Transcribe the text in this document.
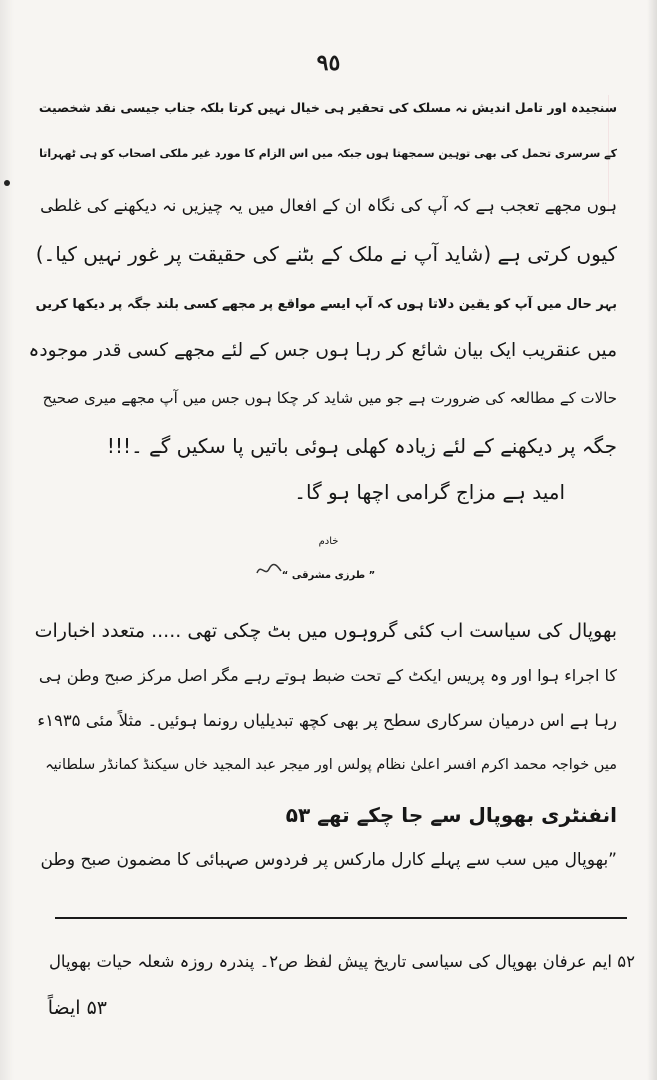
٩٥
سنجیدہ اور تامل اندیش نہ مسلک کی تحقیر ہی خیال نہیں کرتا بلکہ جناب جیسی نقد شخصیت
کے سرسری تحمل کی بھی توہین سمجھتا ہوں جبکہ میں اس الزام کا مورد غیر ملکی اصحاب کو ہی ٹھہراتا
ہوں مجھے تعجب ہے کہ آپ کی نگاہ ان کے افعال میں یہ چیزیں نہ دیکھنے کی غلطی
کیوں کرتی ہے (شاید آپ نے ملک کے بٹنے کی حقیقت پر غور نہیں کیا۔)
بہر حال میں آپ کو یقین دلاتا ہوں کہ آپ ایسے مواقع پر مجھے کسی بلند جگہ پر دیکھا کریں
میں عنقریب ایک بیان شائع کر رہا ہوں جس کے لئے مجھے کسی قدر موجودہ
حالات کے مطالعہ کی ضرورت ہے جو میں شاید کر چکا ہوں جس میں آپ مجھے میری صحیح
جگہ پر دیکھنے کے لئے زیادہ کھلی ہوئی باتیں پا سکیں گے ۔!!!
امید ہے مزاج گرامی اچھا ہو گا۔
خادم
” طرزی مشرقی “
بھوپال کی سیاست اب کئی گروہوں میں بٹ چکی تھی ..... متعدد اخبارات
کا اجراء ہوا اور وہ پریس ایکٹ کے تحت ضبط ہوتے رہے مگر اصل مرکز صبح وطن ہی
رہا ہے اس درمیان سرکاری سطح پر بھی کچھ تبدیلیاں رونما ہوئیں۔ مثلاً مئی ۱۹۳۵ء
میں خواجہ محمد اکرم افسر اعلیٰ نظام پولس اور میجر عبد المجید خاں سیکنڈ کمانڈر سلطانیہ
انفنٹری بھوپال سے جا چکے تھے ۵۳
”بھوپال میں سب سے پہلے کارل مارکس پر فردوس صہبائی کا مضمون صبح وطن
۵۲ ایم عرفان بھوپال کی سیاسی تاریخ پیش لفظ ص۲۔ پندرہ روزہ شعلہ حیات بھوپال
۵۳ ایضاً
